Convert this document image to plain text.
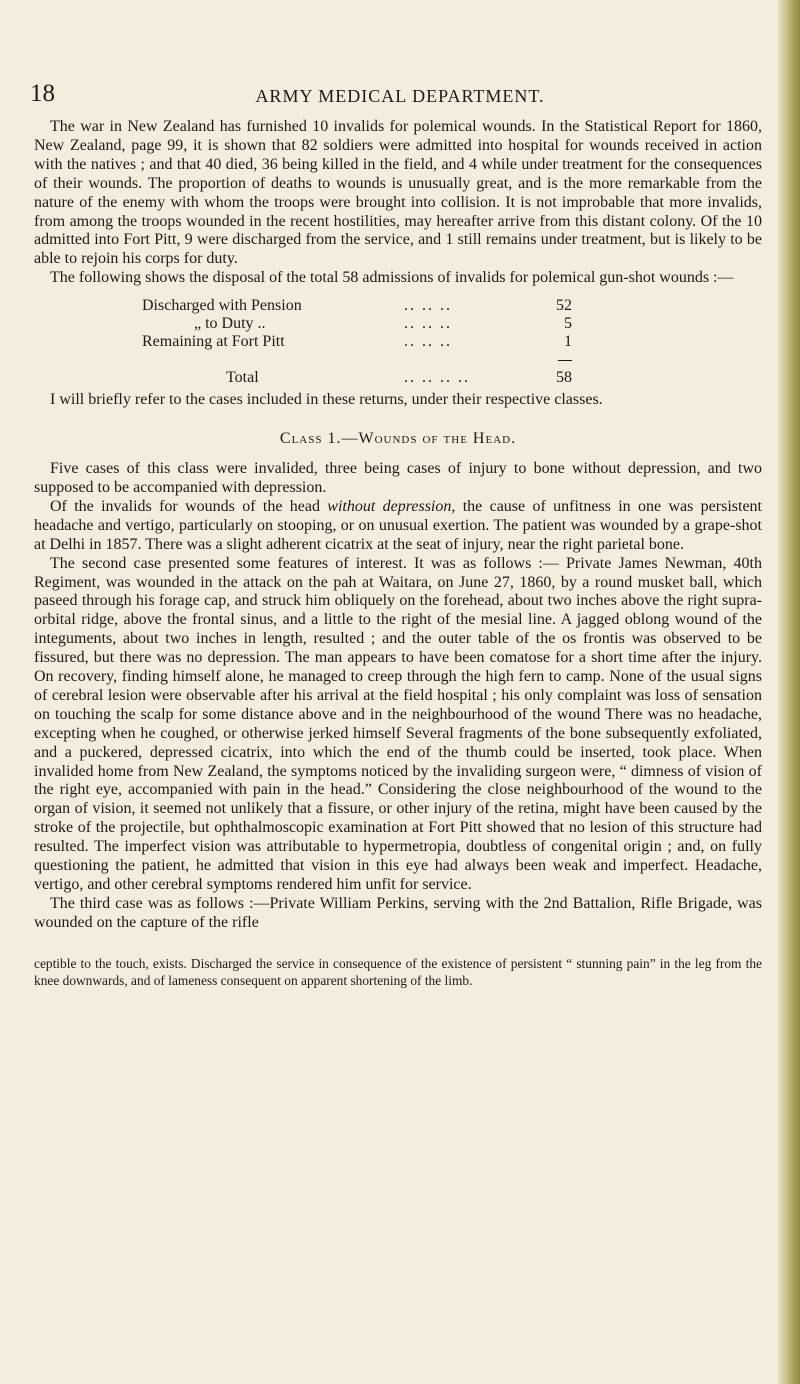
18	ARMY MEDICAL DEPARTMENT.

The war in New Zealand has furnished 10 invalids for polemical wounds. In the Statistical Report for 1860, New Zealand, page 99, it is shown that 82 soldiers were admitted into hospital for wounds received in action with the natives ; and that 40 died, 36 being killed in the field, and 4 while under treatment for the consequences of their wounds. The proportion of deaths to wounds is unusually great, and is the more remarkable from the nature of the enemy with whom the troops were brought into collision. It is not improbable that more invalids, from among the troops wounded in the recent hostilities, may hereafter arrive from this distant colony. Of the 10 admitted into Fort Pitt, 9 were discharged from the service, and 1 still remains under treatment, but is likely to be able to rejoin his corps for duty.

The following shows the disposal of the total 58 admissions of invalids for polemical gun-shot wounds :—

Discharged with Pension	.. .. ..	52
„ to Duty ..	.. .. ..	5
Remaining at Fort Pitt	.. .. ..	1

Total	.. .. .. ..	58

I will briefly refer to the cases included in these returns, under their respective classes.

Class 1.—Wounds of the Head.

Five cases of this class were invalided, three being cases of injury to bone without depression, and two supposed to be accompanied with depression.

Of the invalids for wounds of the head without depression, the cause of unfitness in one was persistent headache and vertigo, particularly on stooping, or on unusual exertion. The patient was wounded by a grape-shot at Delhi in 1857. There was a slight adherent cicatrix at the seat of injury, near the right parietal bone.

The second case presented some features of interest. It was as follows :— Private James Newman, 40th Regiment, was wounded in the attack on the pah at Waitara, on June 27, 1860, by a round musket ball, which paseed through his forage cap, and struck him obliquely on the forehead, about two inches above the right supra-orbital ridge, above the frontal sinus, and a little to the right of the mesial line. A jagged oblong wound of the integuments, about two inches in length, resulted ; and the outer table of the os frontis was observed to be fissured, but there was no depression. The man appears to have been comatose for a short time after the injury. On recovery, finding himself alone, he managed to creep through the high fern to camp. None of the usual signs of cerebral lesion were observable after his arrival at the field hospital ; his only complaint was loss of sensation on touching the scalp for some distance above and in the neighbourhood of the wound There was no headache, excepting when he coughed, or otherwise jerked himself Several fragments of the bone subsequently exfoliated, and a puckered, depressed cicatrix, into which the end of the thumb could be inserted, took place. When invalided home from New Zealand, the symptoms noticed by the invaliding surgeon were, “ dimness of vision of the right eye, accompanied with pain in the head.” Considering the close neighbourhood of the wound to the organ of vision, it seemed not unlikely that a fissure, or other injury of the retina, might have been caused by the stroke of the projectile, but ophthalmoscopic examination at Fort Pitt showed that no lesion of this structure had resulted. The imperfect vision was attributable to hypermetropia, doubtless of congenital origin ; and, on fully questioning the patient, he admitted that vision in this eye had always been weak and imperfect. Headache, vertigo, and other cerebral symptoms rendered him unfit for service.

The third case was as follows :—Private William Perkins, serving with the 2nd Battalion, Rifle Brigade, was wounded on the capture of the rifle

ceptible to the touch, exists. Discharged the service in consequence of the existence of persistent “ stunning pain” in the leg from the knee downwards, and of lameness consequent on apparent shortening of the limb.
